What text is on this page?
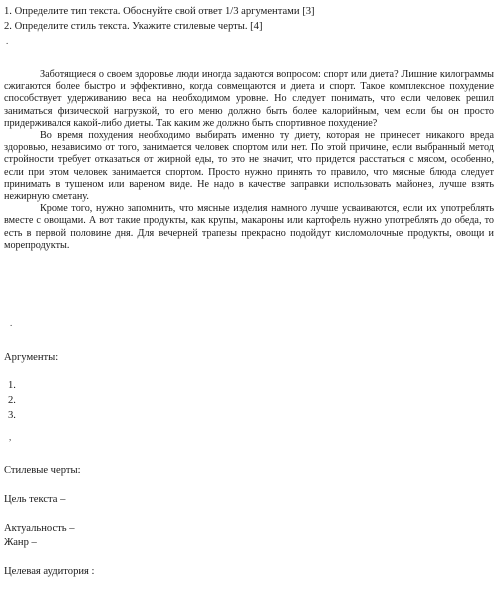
1. Определите тип текста. Обоснуйте свой ответ 1/3 аргументами [3]
2. Определите стиль текста. Укажите стилевые черты. [4]
.

Заботящиеся о своем здоровье люди иногда задаются вопросом: спорт или диета? Лишние килограммы сжигаются более быстро и эффективно, когда совмещаются и диета и спорт. Такое комплексное похудение способствует удерживанию веса на необходимом уровне. Но следует понимать, что если человек решил заниматься физической нагрузкой, то его меню должно быть более калорийным, чем если бы он просто придерживался какой-либо диеты. Так каким же должно быть спортивное похудение?

Во время похудения необходимо выбирать именно ту диету, которая не принесет никакого вреда здоровью, независимо от того, занимается человек спортом или нет. По этой причине, если выбранный метод стройности требует отказаться от жирной еды, то это не значит, что придется расстаться с мясом, особенно, если при этом человек занимается спортом. Просто нужно принять то правило, что мясные блюда следует принимать в тушеном или вареном виде. Не надо в качестве заправки использовать майонез, лучше взять нежирную сметану.

Кроме того, нужно запомнить, что мясные изделия намного лучше усваиваются, если их употреблять вместе с овощами. А вот такие продукты, как крупы, макароны или картофель нужно употреблять до обеда, то есть в первой половине дня. Для вечерней трапезы прекрасно подойдут кисломолочные продукты, овощи и морепродукты.

.
Аргументы:
1.
2.
3.
,
Стилевые черты:
Цель текста –
Актуальность –
Жанр –
Целевая аудитория :
